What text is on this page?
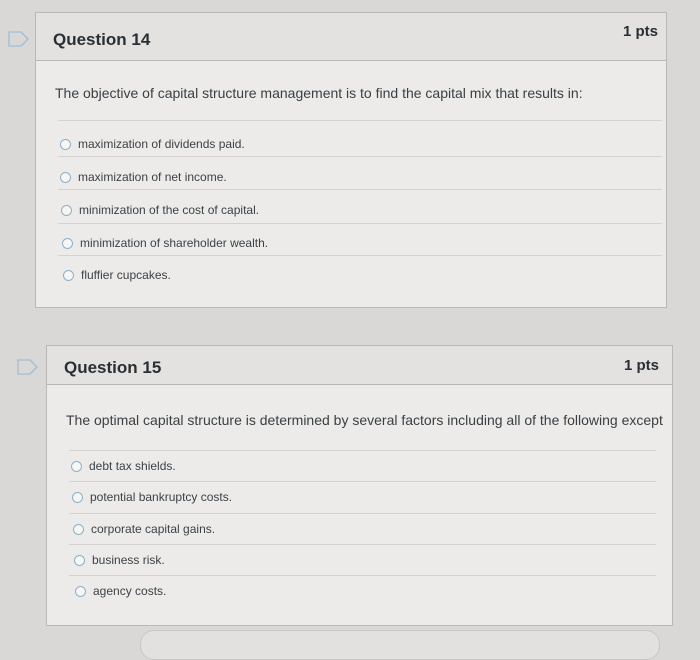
Question 14	1 pts
The objective of capital structure management is to find the capital mix that results in:
maximization of dividends paid.
maximization of net income.
minimization of the cost of capital.
minimization of shareholder wealth.
fluffier cupcakes.
Question 15	1 pts
The optimal capital structure is determined by several factors including all of the following except
debt tax shields.
potential bankruptcy costs.
corporate capital gains.
business risk.
agency costs.
